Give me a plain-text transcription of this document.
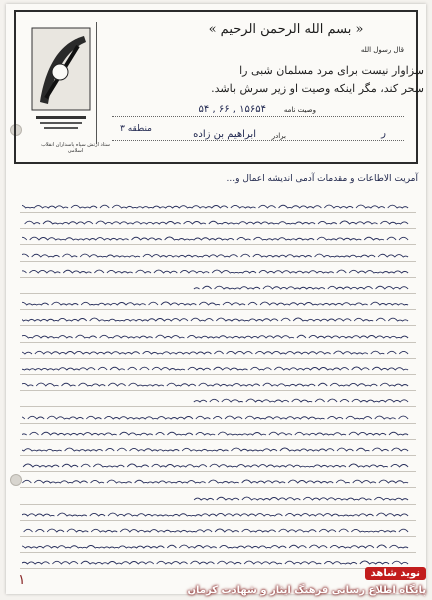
ستاد ارتش سپاه پاسداران انقلاب اسلامی
« بسم الله الرحمن الرحیم »
قال رسول الله
سزاوار نیست برای مرد مسلمان شبی را
سحر کند، مگر اینکه وصیت او زیر سرش باشد.
وصیت نامه
۱۵۶۵۴ , ۶۶ , ۵۴
منطقه ۳
برادر
ابراهیم بن زاده	ر
آمریت الاطاعات و مقدمات آدمی اندیشه اعمال و...
۱	نوید شاهد
پایگاه اطلاع رسانی فرهنگ ایثار و شهادت کرمان
